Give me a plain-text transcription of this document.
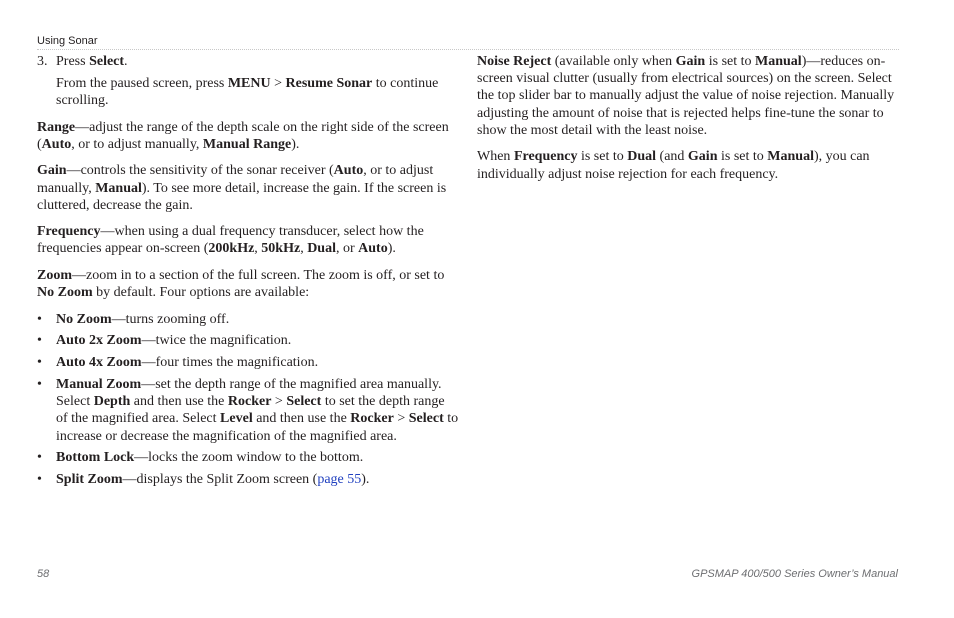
Using Sonar
3. Press Select.

From the paused screen, press MENU > Resume Sonar to continue scrolling.

Range—adjust the range of the depth scale on the right side of the screen (Auto, or to adjust manually, Manual Range).

Gain—controls the sensitivity of the sonar receiver (Auto, or to adjust manually, Manual). To see more detail, increase the gain. If the screen is cluttered, decrease the gain.

Frequency—when using a dual frequency transducer, select how the frequencies appear on-screen (200kHz, 50kHz, Dual, or Auto).

Zoom—zoom in to a section of the full screen. The zoom is off, or set to No Zoom by default. Four options are available:

• No Zoom—turns zooming off.
• Auto 2x Zoom—twice the magnification.
• Auto 4x Zoom—four times the magnification.
• Manual Zoom—set the depth range of the magnified area manually. Select Depth and then use the Rocker > Select to set the depth range of the magnified area. Select Level and then use the Rocker > Select to increase or decrease the magnification of the magnified area.
• Bottom Lock—locks the zoom window to the bottom.
• Split Zoom—displays the Split Zoom screen (page 55).

Noise Reject (available only when Gain is set to Manual)—reduces on-screen visual clutter (usually from electrical sources) on the screen. Select the top slider bar to manually adjust the value of noise rejection. Manually adjusting the amount of noise that is rejected helps fine-tune the sonar to show the most detail with the least noise.

When Frequency is set to Dual (and Gain is set to Manual), you can individually adjust noise rejection for each frequency.

58	GPSMAP 400/500 Series Owner’s Manual
